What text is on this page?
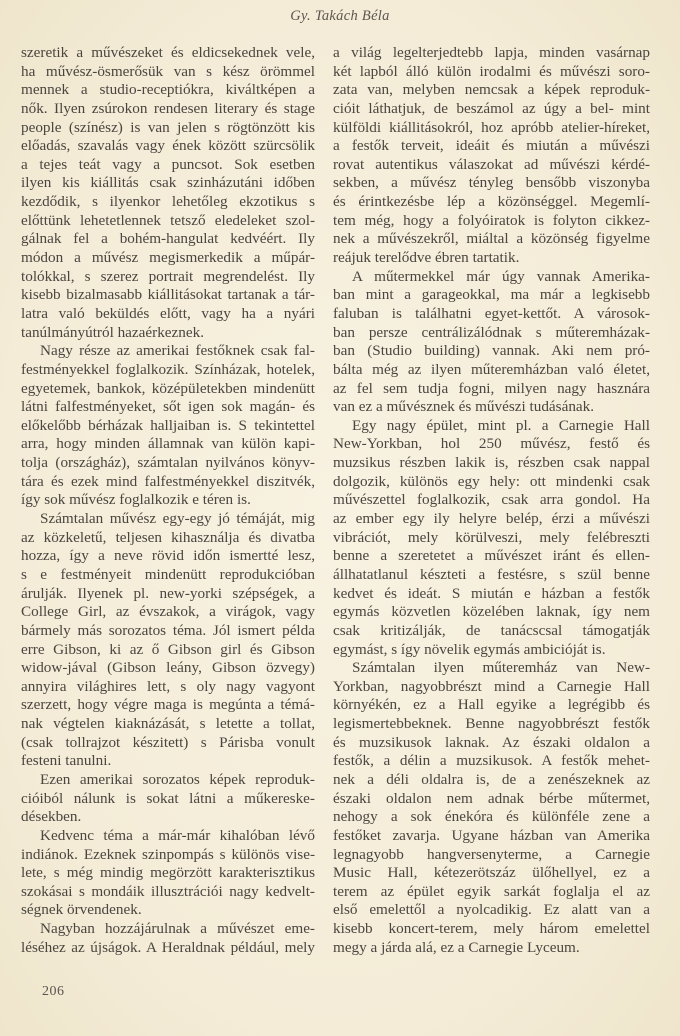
Gy. Takách Béla
szeretik a művészeket és eldicsekednek vele,
ha művész-ösmerősük van s kész örömmel
mennek a studio-receptiókra, kiváltképen a
nők. Ilyen zsúrokon rendesen literary és stage
people (színész) is van jelen s rögtönzött kis
előadás, szavalás vagy ének között szürcsölik
a tejes teát vagy a puncsot. Sok esetben
ilyen kis kiállitás csak szinházutáni időben
kezdődik, s ilyenkor lehetőleg ekzotikus s
előttünk lehetetlennek tetsző eledeleket szol-
gálnak fel a bohém-hangulat kedvéért. Ily
módon a művész megismerkedik a műpár-
tolókkal, s szerez portrait megrendelést. Ily
kisebb bizalmasabb kiállitásokat tartanak a tár-
latra való beküldés előtt, vagy ha a nyári
tanúlmányútról hazaérkeznek.
Nagy része az amerikai festőknek csak fal-
festményekkel foglalkozik. Színházak, hotelek,
egyetemek, bankok, középületekben mindenütt
látni falfestményeket, sőt igen sok magán- és
előkelőbb bérházak halljaiban is. S tekintettel
arra, hogy minden államnak van külön kapi-
tolja (országház), számtalan nyilvános könyv-
tára és ezek mind falfestményekkel diszitvék,
így sok művész foglalkozik e téren is.
Számtalan művész egy-egy jó témáját, mig
az közkeletű, teljesen kihasználja és divatba
hozza, így a neve rövid időn ismertté lesz,
s e festményeit mindenütt reprodukcióban
árulják. Ilyenek pl. new-yorki szépségek, a
College Girl, az évszakok, a virágok, vagy
bármely más sorozatos téma. Jól ismert példa
erre Gibson, ki az ő Gibson girl és Gibson
widow-jával (Gibson leány, Gibson özvegy)
annyira világhires lett, s oly nagy vagyont
szerzett, hogy végre maga is megúnta a témá-
nak végtelen kiaknázását, s letette a tollat,
(csak tollrajzot készitett) s Párisba vonult
festeni tanulni.
Ezen amerikai sorozatos képek reproduk-
cióiból nálunk is sokat látni a műkereske-
désekben.
Kedvenc téma a már-már kihalóban lévő
indiánok. Ezeknek szinpompás s különös vise-
lete, s még mindig megörzött karakterisztikus
szokásai s mondáik illusztrációi nagy kedvelt-
ségnek örvendenek.
Nagyban hozzájárulnak a művészet eme-
léséhez az újságok. A Heraldnak például, mely
a világ legelterjedtebb lapja, minden vasárnap
két lapból álló külön irodalmi és művészi soro-
zata van, melyben nemcsak a képek reproduk-
cióit láthatjuk, de beszámol az úgy a bel- mint
külföldi kiállitásokról, hoz apróbb atelier-híreket,
a festők terveit, ideáit és miután a művészi
rovat autentikus válaszokat ad művészi kérdé-
sekben, a művész tényleg bensőbb viszonyba
és érintkezésbe lép a közönséggel. Megemlí-
tem még, hogy a folyóiratok is folyton cikkez-
nek a művészekről, miáltal a közönség figyelme
reájuk terelődve ébren tartatik.
A műtermekkel már úgy vannak Amerika-
ban mint a garageokkal, ma már a legkisebb
faluban is találhatni egyet-kettőt. A városok-
ban persze centrálizálódnak s műteremházak-
ban (Studio building) vannak. Aki nem pró-
bálta még az ilyen műteremházban való életet,
az fel sem tudja fogni, milyen nagy hasznára
van ez a művésznek és művészi tudásának.
Egy nagy épület, mint pl. a Carnegie Hall
New-Yorkban, hol 250 művész, festő és
muzsikus részben lakik is, részben csak nappal
dolgozik, különös egy hely: ott mindenki csak
művészettel foglalkozik, csak arra gondol. Ha
az ember egy ily helyre belép, érzi a művészi
vibrációt, mely körülveszi, mely felébreszti
benne a szeretetet a művészet iránt és ellen-
állhatatlanul készteti a festésre, s szül benne
kedvet és ideát. S miután e házban a festők
egymás közvetlen közelében laknak, így nem
csak kritizálják, de tanácscsal támogatják
egymást, s így növelik egymás ambicióját is.
Számtalan ilyen műteremház van New-
Yorkban, nagyobbrészt mind a Carnegie Hall
környékén, ez a Hall egyike a legrégibb és
legismertebbeknek. Benne nagyobbrészt festők
és muzsikusok laknak. Az északi oldalon a
festők, a délin a muzsikusok. A festők mehet-
nek a déli oldalra is, de a zenészeknek az
északi oldalon nem adnak bérbe műtermet,
nehogy a sok énekóra és különféle zene a
festőket zavarja. Ugyane házban van Amerika
legnagyobb hangversenyterme, a Carnegie
Music Hall, kétezerötszáz ülőhellyel, ez a
terem az épület egyik sarkát foglalja el az
első emelettől a nyolcadikig. Ez alatt van a
kisebb koncert-terem, mely három emelettel
megy a járda alá, ez a Carnegie Lyceum.
206
